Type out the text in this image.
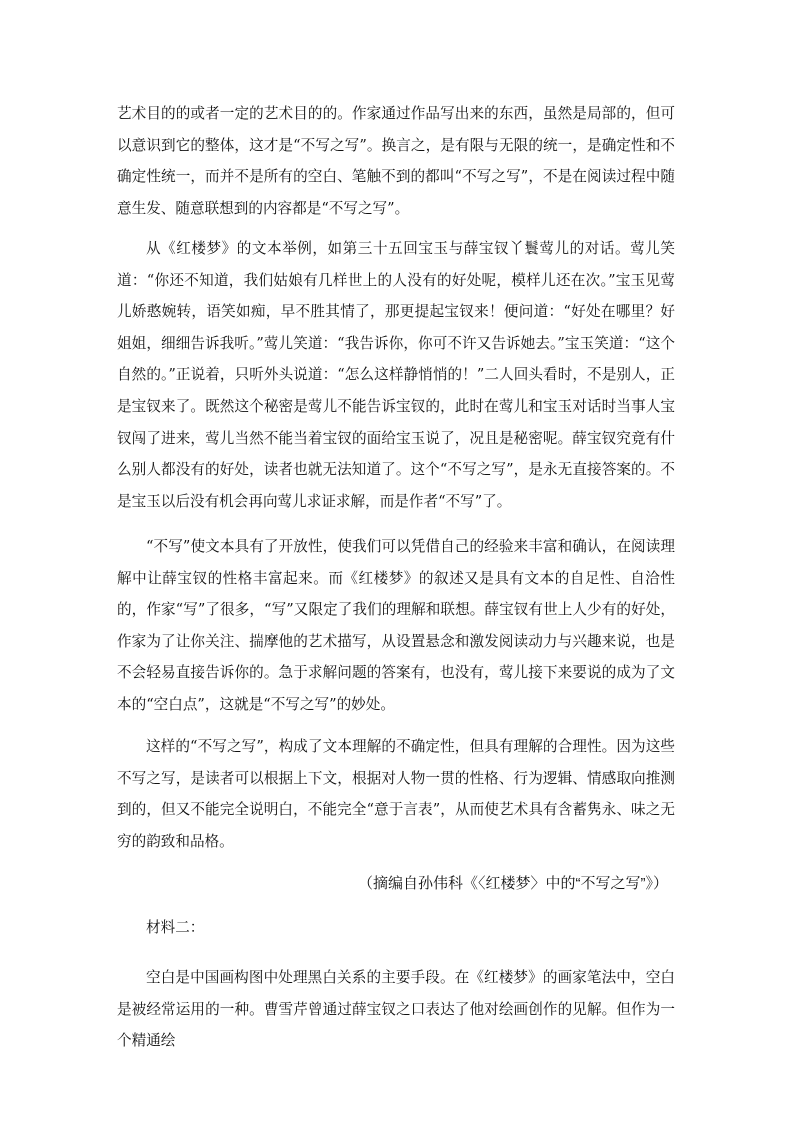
艺术目的的或者一定的艺术目的的。作家通过作品写出来的东西，虽然是局部的，但可以意识到它的整体，这才是“不写之写”。换言之，是有限与无限的统一，是确定性和不确定性统一，而并不是所有的空白、笔触不到的都叫“不写之写”，不是在阅读过程中随意生发、随意联想到的内容都是“不写之写”。

从《红楼梦》的文本举例，如第三十五回宝玉与薛宝钗丫鬟莺儿的对话。莺儿笑道：“你还不知道，我们姑娘有几样世上的人没有的好处呢，模样儿还在次。”宝玉见莺儿娇憨婉转，语笑如痴，早不胜其情了，那更提起宝钗来！便问道：“好处在哪里？好姐姐，细细告诉我听。”莺儿笑道：“我告诉你，你可不许又告诉她去。”宝玉笑道：“这个自然的。”正说着，只听外头说道：“怎么这样静悄悄的！”二人回头看时，不是别人，正是宝钗来了。既然这个秘密是莺儿不能告诉宝钗的，此时在莺儿和宝玉对话时当事人宝钗闯了进来，莺儿当然不能当着宝钗的面给宝玉说了，况且是秘密呢。薛宝钗究竟有什么别人都没有的好处，读者也就无法知道了。这个“不写之写”，是永无直接答案的。不是宝玉以后没有机会再向莺儿求证求解，而是作者“不写”了。

“不写”使文本具有了开放性，使我们可以凭借自己的经验来丰富和确认，在阅读理解中让薛宝钗的性格丰富起来。而《红楼梦》的叙述又是具有文本的自足性、自洽性的，作家“写”了很多，“写”又限定了我们的理解和联想。薛宝钗有世上人少有的好处，作家为了让你关注、揣摩他的艺术描写，从设置悬念和激发阅读动力与兴趣来说，也是不会轻易直接告诉你的。急于求解问题的答案有，也没有，莺儿接下来要说的成为了文本的“空白点”，这就是“不写之写”的妙处。

这样的“不写之写”，构成了文本理解的不确定性，但具有理解的合理性。因为这些不写之写，是读者可以根据上下文，根据对人物一贯的性格、行为逻辑、情感取向推测到的，但又不能完全说明白，不能完全“意于言表”，从而使艺术具有含蓄隽永、味之无穷的韵致和品格。

（摘编自孙伟科《〈红楼梦〉中的“不写之写”》）

材料二：

空白是中国画构图中处理黑白关系的主要手段。在《红楼梦》的画家笔法中，空白是被经常运用的一种。曹雪芹曾通过薛宝钗之口表达了他对绘画创作的见解。但作为一个精通绘
